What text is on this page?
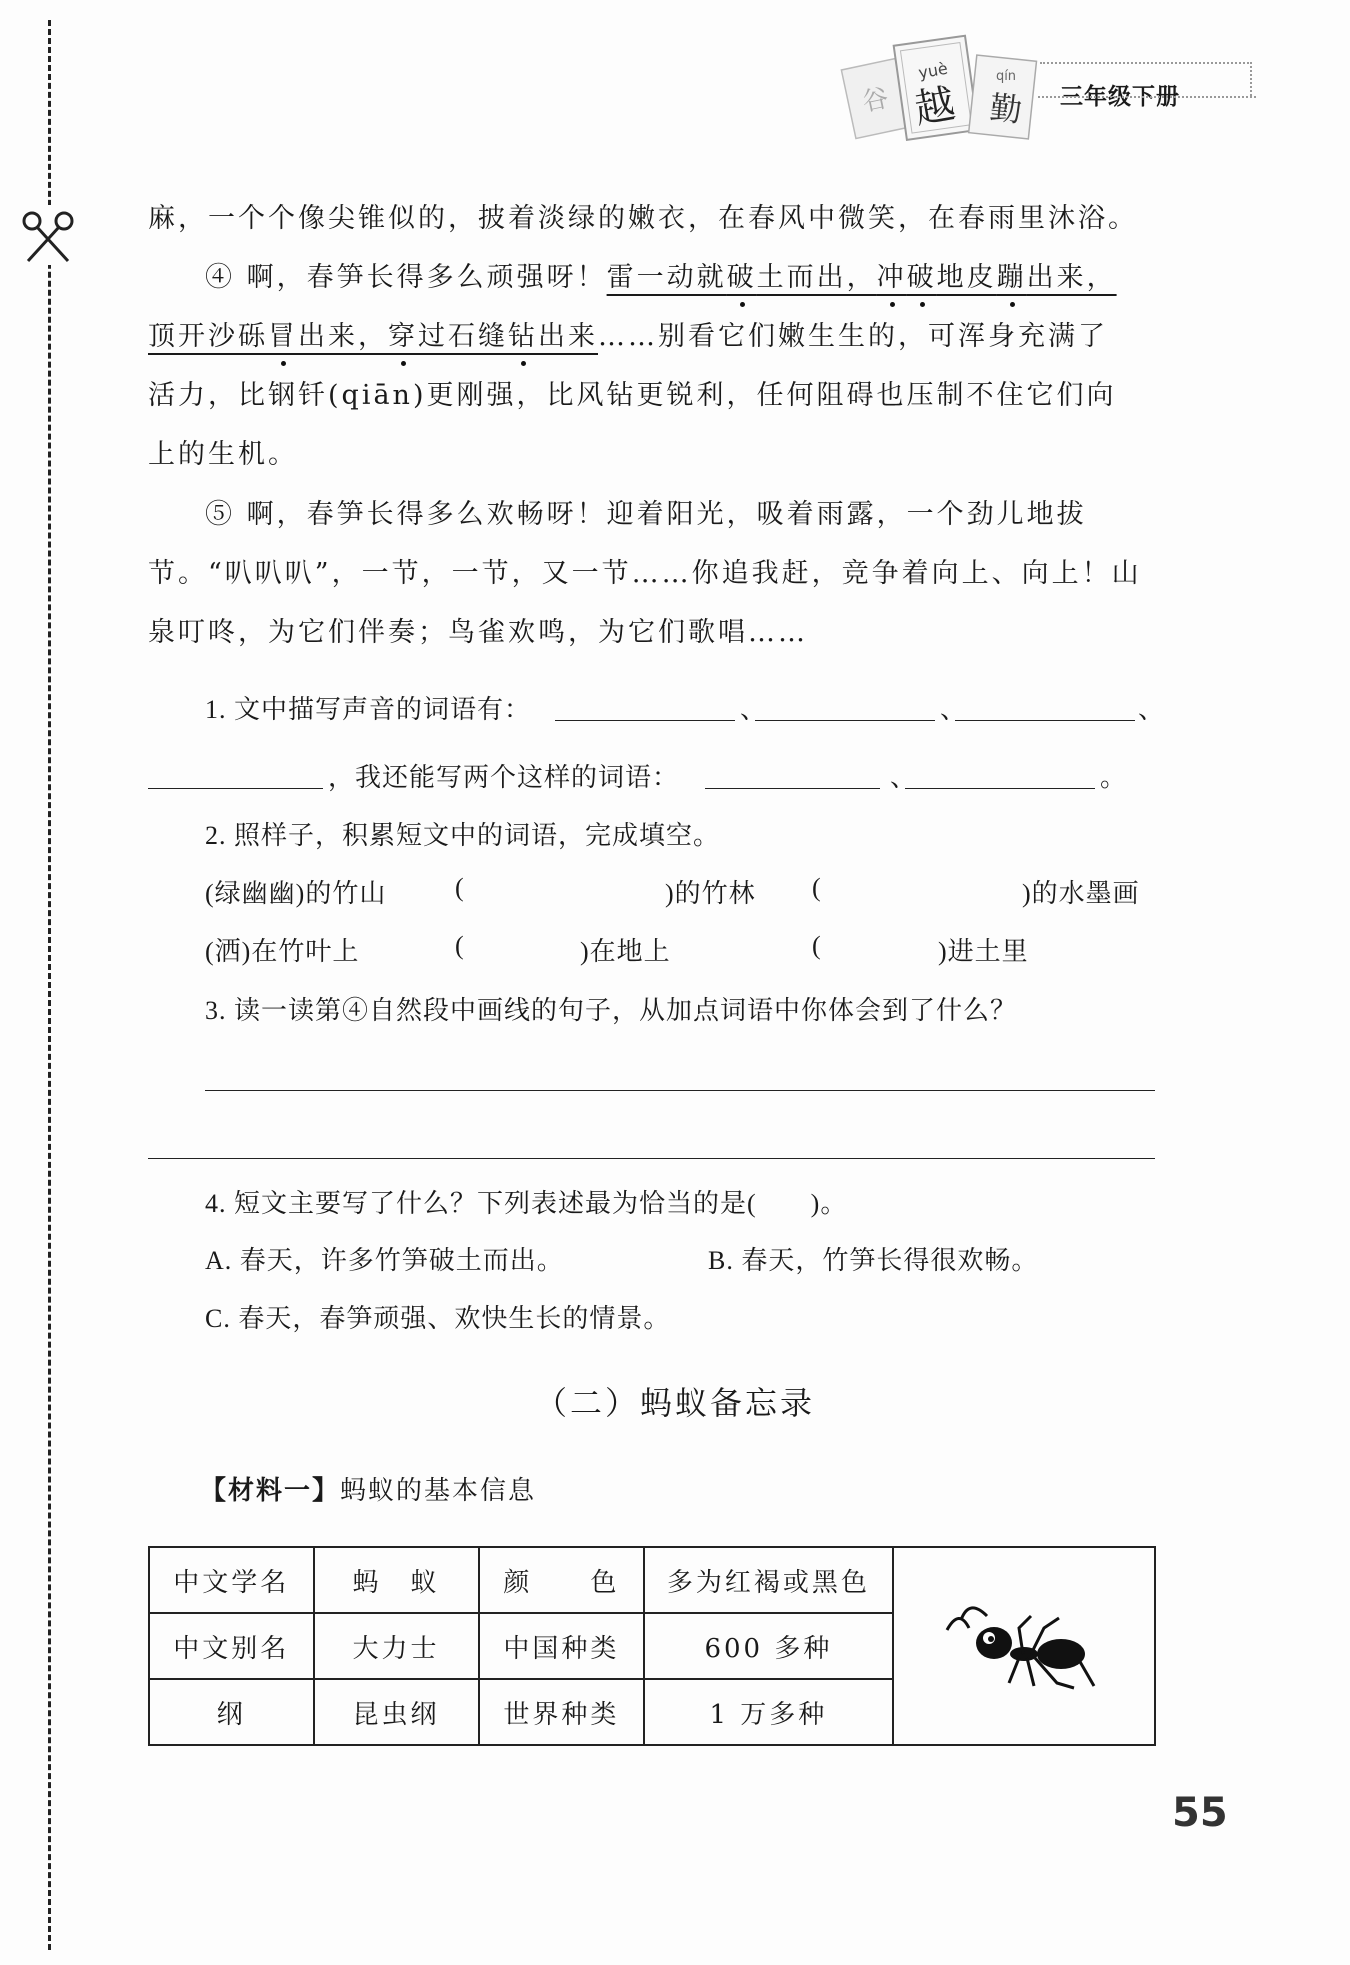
谷
yuè
越
qín
勤 三年级下册
麻，一个个像尖锥似的，披着淡绿的嫩衣，在春风中微笑，在春雨里沐浴。
④ 啊，春笋长得多么顽强呀！雷一动就破土而出，冲破地皮蹦出来，
顶开沙砾冒出来，穿过石缝钻出来……别看它们嫩生生的，可浑身充满了
活力，比钢钎(qiān)更刚强，比风钻更锐利，任何阻碍也压制不住它们向
上的生机。
⑤ 啊，春笋长得多么欢畅呀！迎着阳光，吸着雨露，一个劲儿地拔
节。“叭叭叭”，一节，一节，又一节……你追我赶，竞争着向上、向上！山
泉叮咚，为它们伴奏；鸟雀欢鸣，为它们歌唱……
1. 文中描写声音的词语有：	、	、	、
，我还能写两个这样的词语：	、	。
2. 照样子，积累短文中的词语，完成填空。
(绿幽幽)的竹山	(	)的竹林 (	)的水墨画
(洒)在竹叶上	(	)在地上	(	)进土里
3. 读一读第④自然段中画线的句子，从加点词语中你体会到了什么？
4. 短文主要写了什么？下列表述最为恰当的是(　　)。
A. 春天，许多竹笋破土而出。	B. 春天，竹笋长得很欢畅。
C. 春天，春笋顽强、欢快生长的情景。
（二）蚂蚁备忘录
【材料一】蚂蚁的基本信息
中文学名	蚂　蚁	颜　　色	多为红褐或黑色	
中文别名	大力士	中国种类	600 多种	
纲	昆虫纲	世界种类	1 万多种	
55
